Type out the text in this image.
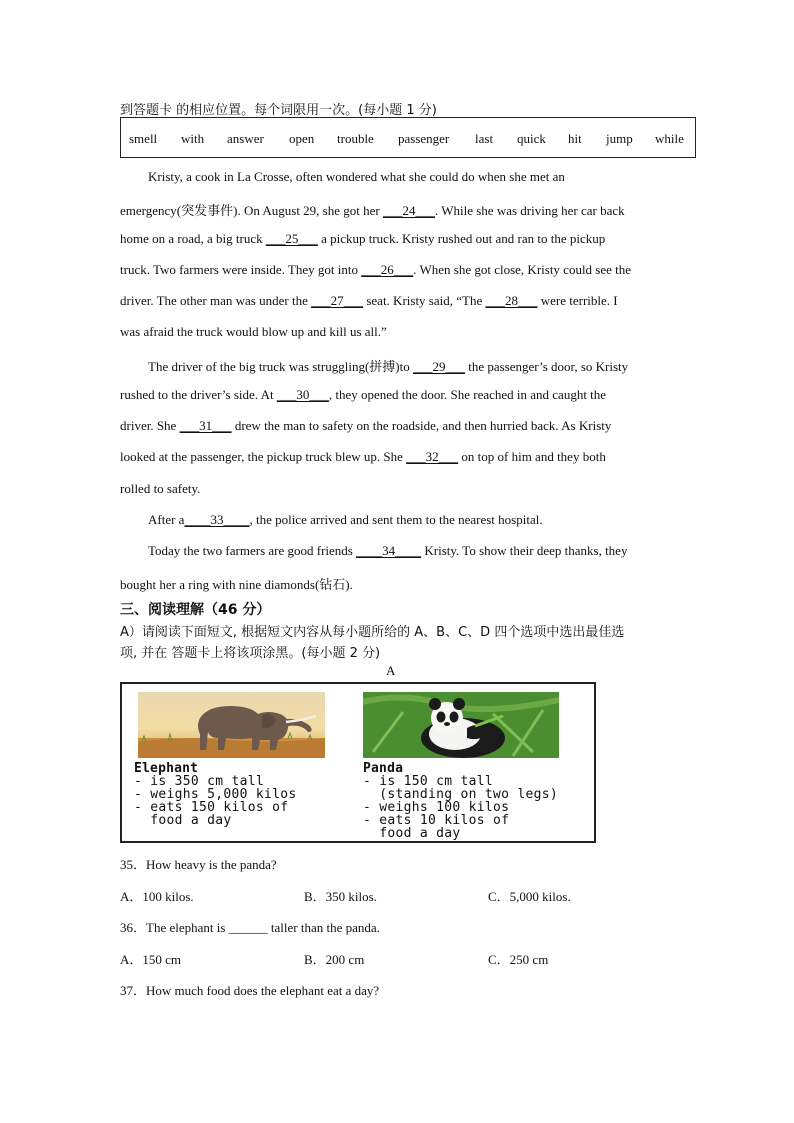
到答题卡 的相应位置。每个词限用一次。(每小题 1 分)
smell with answer open trouble passenger last quick hit jump while
Kristy, a cook in La Crosse, often wondered what she could do when she met an
emergency(突发事件). On August 29, she got her ___24___. While she was driving her car back
home on a road, a big truck ___25___ a pickup truck. Kristy rushed out and ran to the pickup
truck. Two farmers were inside. They got into ___26___. When she got close, Kristy could see the
driver. The other man was under the ___27___ seat. Kristy said, “The ___28___ were terrible. I
was afraid the truck would blow up and kill us all.”
The driver of the big truck was struggling(拼搏)to ___29___ the passenger’s door, so Kristy
rushed to the driver’s side. At ___30___, they opened the door. She reached in and caught the
driver. She ___31___ drew the man to safety on the roadside, and then hurried back. As Kristy
looked at the passenger, the pickup truck blew up. She ___32___ on top of him and they both
rolled to safety.
After a____33____, the police arrived and sent them to the nearest hospital.
Today the two farmers are good friends ____34____ Kristy. To show their deep thanks, they
bought her a ring with nine diamonds(钻石).
三、阅读理解（46 分）
A）请阅读下面短文, 根据短文内容从每小题所给的 A、B、C、D 四个选项中选出最佳选
项, 并在 答题卡上将该项涂黑。(每小题 2 分)
A
Elephant
- is 350 cm tall
- weighs 5,000 kilos
- eats 150 kilos of
food a day
Panda
- is 150 cm tall
(standing on two legs)
- weighs 100 kilos
- eats 10 kilos of
food a day
35．How heavy is the panda?
A．100 kilos.	B．350 kilos.	C．5,000 kilos.
36．The elephant is ______ taller than the panda.
A．150 cm	B．200 cm	C．250 cm
37．How much food does the elephant eat a day?
